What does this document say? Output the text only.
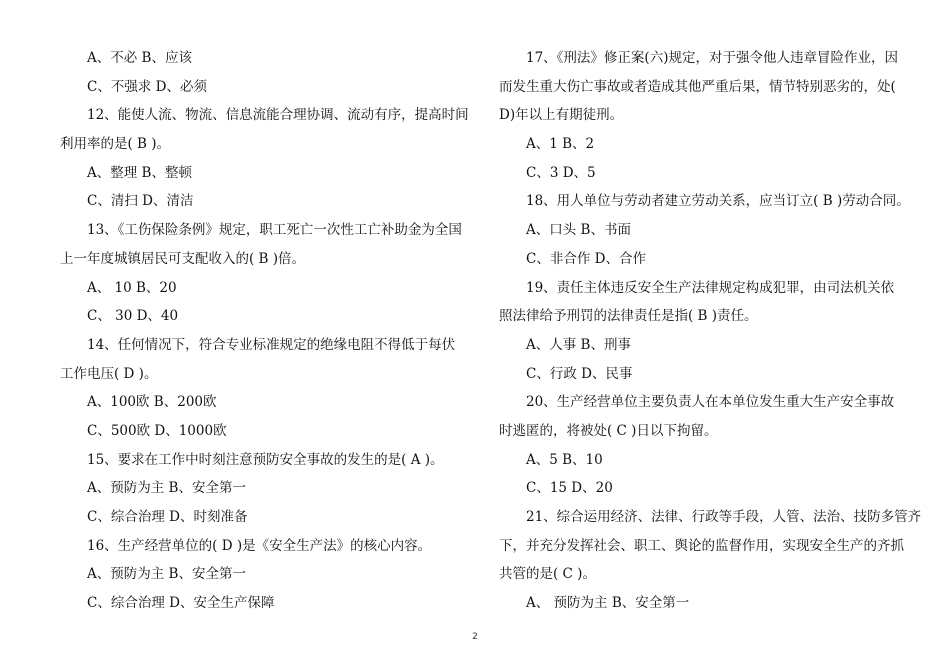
A、不必 B、应该
C、不强求 D、必须
12、能使人流、物流、信息流能合理协调、流动有序，提高时间
利用率的是( B )。
A、整理 B、整顿
C、清扫 D、清洁
13、《工伤保险条例》规定，职工死亡一次性工亡补助金为全国
上一年度城镇居民可支配收入的( B )倍。
A、 10 B、20
C、 30 D、40
14、任何情况下，符合专业标准规定的绝缘电阻不得低于每伏
工作电压( D )。
A、100欧 B、200欧
C、500欧 D、1000欧
15、要求在工作中时刻注意预防安全事故的发生的是( A )。
A、预防为主 B、安全第一
C、综合治理 D、时刻准备
16、生产经营单位的( D )是《安全生产法》的核心内容。
A、预防为主 B、安全第一
C、综合治理 D、安全生产保障
17、《刑法》修正案(六)规定，对于强令他人违章冒险作业，因
而发生重大伤亡事故或者造成其他严重后果，情节特别恶劣的，处(
D)年以上有期徒刑。
A、1 B、2
C、3 D、5
18、用人单位与劳动者建立劳动关系，应当订立( B )劳动合同。
A、口头 B、书面
C、非合作 D、合作
19、责任主体违反安全生产法律规定构成犯罪，由司法机关依
照法律给予刑罚的法律责任是指( B )责任。
A、人事 B、刑事
C、行政 D、民事
20、生产经营单位主要负责人在本单位发生重大生产安全事故
时逃匿的，将被处( C )日以下拘留。
A、5 B、10
C、15 D、20
21、综合运用经济、法律、行政等手段，人管、法治、技防多管齐
下，并充分发挥社会、职工、舆论的监督作用，实现安全生产的齐抓
共管的是( C )。
A、 预防为主 B、安全第一
2
